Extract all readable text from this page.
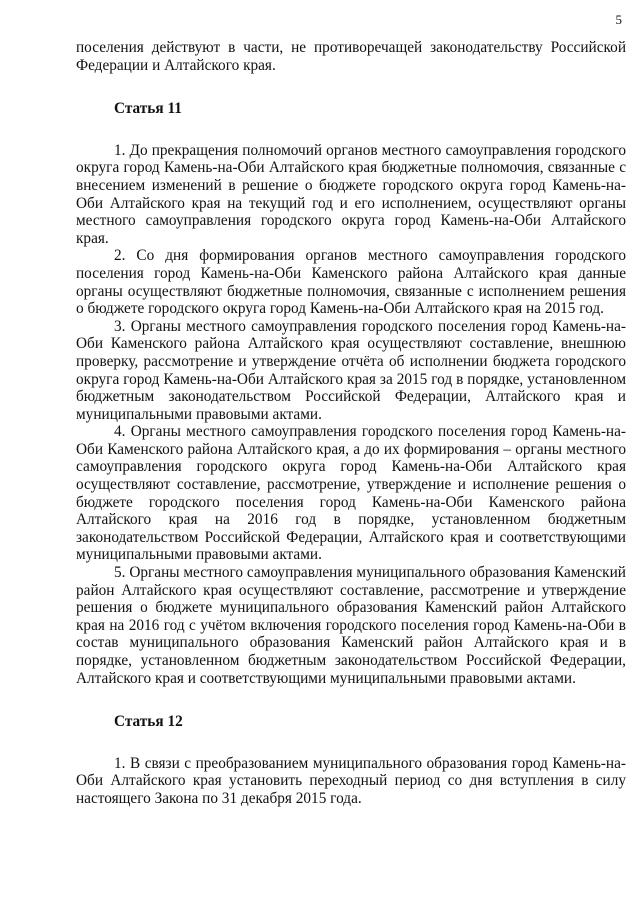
5

поселения действуют в части, не противоречащей законодательству Российской Федерации и Алтайского края.

Статья 11

1. До прекращения полномочий органов местного самоуправления городского округа город Камень-на-Оби Алтайского края бюджетные полномочия, связанные с внесением изменений в решение о бюджете городского округа город Камень-на-Оби Алтайского края на текущий год и его исполнением, осуществляют органы местного самоуправления городского округа город Камень-на-Оби Алтайского края.

2. Со дня формирования органов местного самоуправления городского поселения город Камень-на-Оби Каменского района Алтайского края данные органы осуществляют бюджетные полномочия, связанные с исполнением решения о бюджете городского округа город Камень-на-Оби Алтайского края на 2015 год.

3. Органы местного самоуправления городского поселения город Камень-на-Оби Каменского района Алтайского края осуществляют составление, внешнюю проверку, рассмотрение и утверждение отчёта об исполнении бюджета городского округа город Камень-на-Оби Алтайского края за 2015 год в порядке, установленном бюджетным законодательством Российской Федерации, Алтайского края и муниципальными правовыми актами.

4. Органы местного самоуправления городского поселения город Камень-на-Оби Каменского района Алтайского края, а до их формирования – органы местного самоуправления городского округа город Камень-на-Оби Алтайского края осуществляют составление, рассмотрение, утверждение и исполнение решения о бюджете городского поселения город Камень-на-Оби Каменского района Алтайского края на 2016 год в порядке, установленном бюджетным законодательством Российской Федерации, Алтайского края и соответствующими муниципальными правовыми актами.

5. Органы местного самоуправления муниципального образования Каменский район Алтайского края осуществляют составление, рассмотрение и утверждение решения о бюджете муниципального образования Каменский район Алтайского края на 2016 год с учётом включения городского поселения город Камень-на-Оби в состав муниципального образования Каменский район Алтайского края и в порядке, установленном бюджетным законодательством Российской Федерации, Алтайского края и соответствующими муниципальными правовыми актами.

Статья 12

1. В связи с преобразованием муниципального образования город Камень-на-Оби Алтайского края установить переходный период со дня вступления в силу настоящего Закона по 31 декабря 2015 года.
